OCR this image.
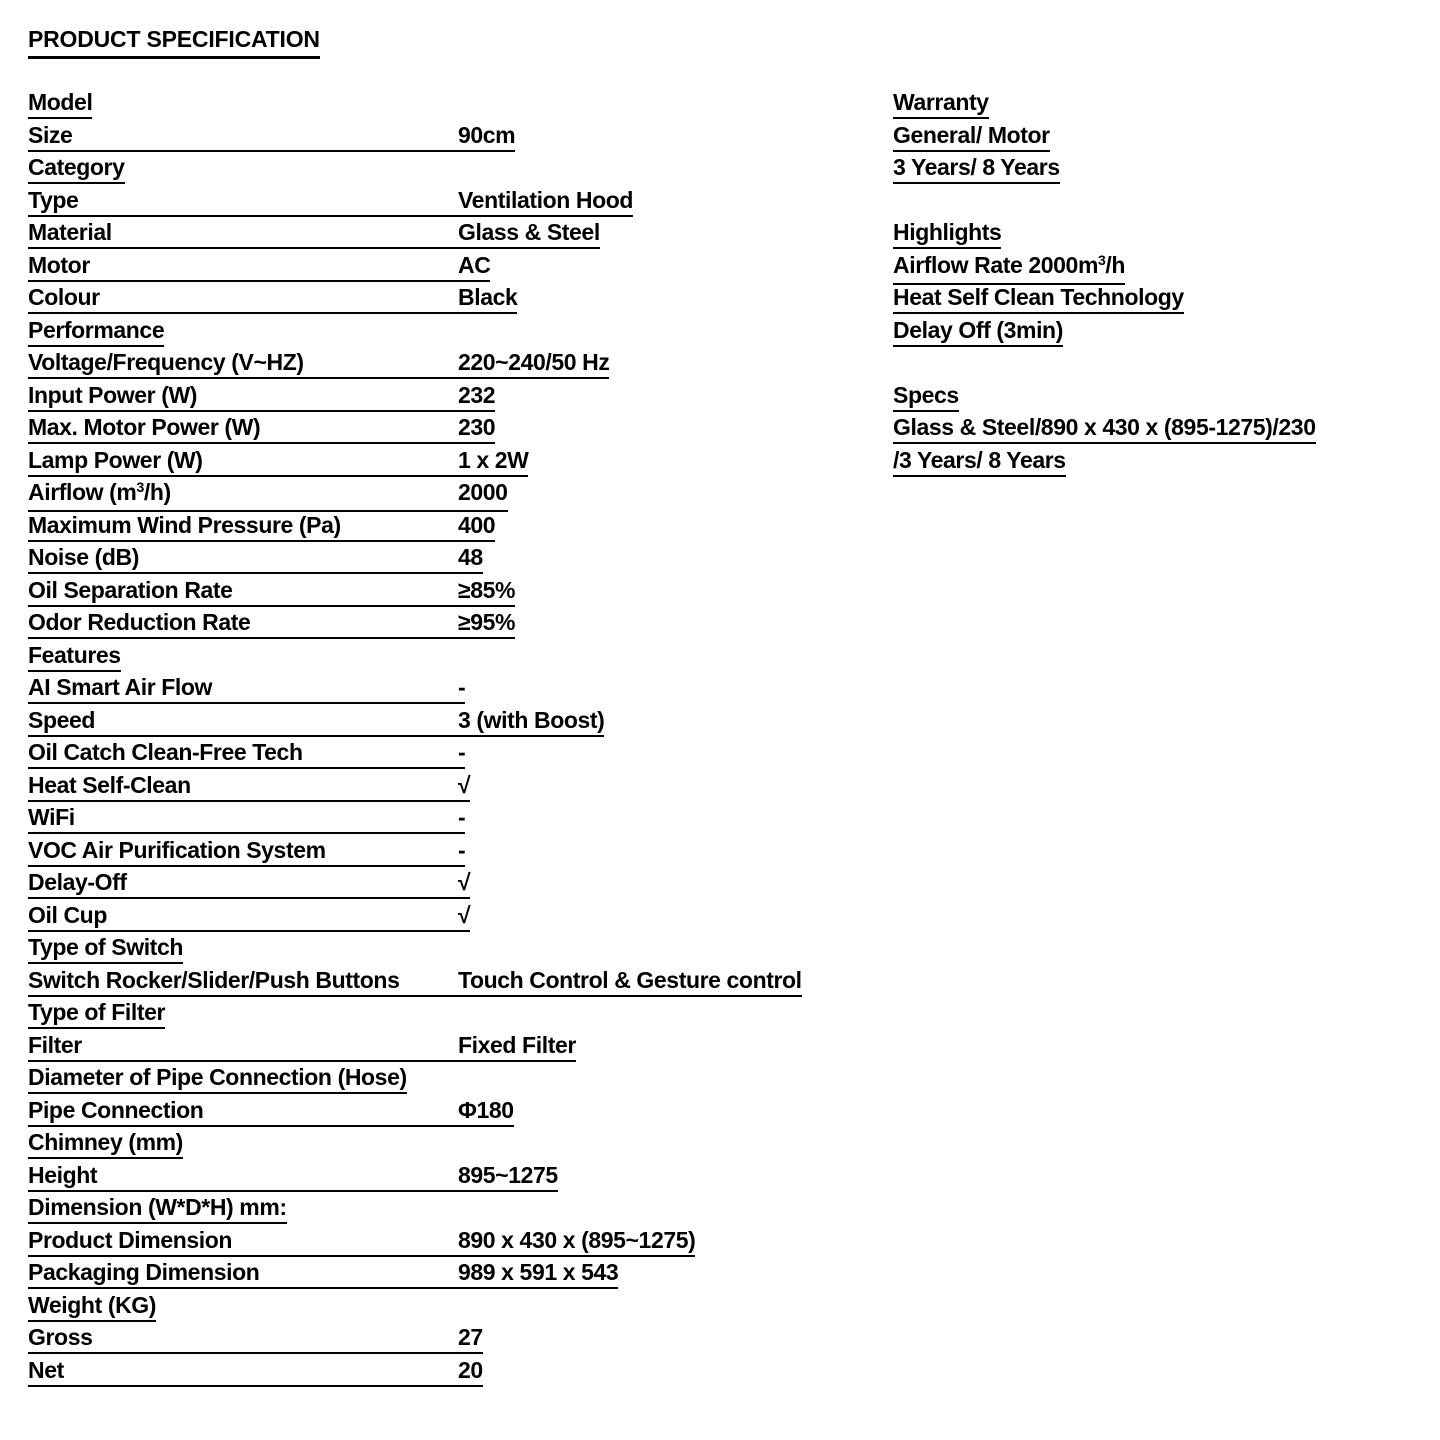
PRODUCT SPECIFICATION
Model
Size	90cm
Category
Type	Ventilation Hood
Material	Glass & Steel
Motor	AC
Colour	Black
Performance
Voltage/Frequency (V~HZ)	220~240/50 Hz
Input Power (W)	232
Max. Motor Power (W)	230
Lamp Power (W)	1 x 2W
Airflow $(m^3/h)$	2000
Maximum Wind Pressure (Pa)	400
Noise (dB)	48
Oil Separation Rate	≥85%
Odor Reduction Rate	≥95%
Features
AI Smart Air Flow	-
Speed	3 (with Boost)
Oil Catch Clean-Free Tech	-
Heat Self-Clean	√
WiFi	-
VOC Air Purification System	-
Delay-Off	√
Oil Cup	√
Type of Switch
Switch Rocker/Slider/Push Buttons	Touch Control & Gesture control
Type of Filter
Filter	Fixed Filter
Diameter of Pipe Connection (Hose)
Pipe Connection	Φ180
Chimney (mm)
Height	895~1275
Dimension (W*D*H) mm:
Product Dimension	890 x 430 x (895~1275)
Packaging Dimension	989 x 591 x 543
Weight (KG)
Gross	27
Net	20
Warranty
General/ Motor
3 Years/ 8 Years
Highlights
Airflow Rate $2000m^3/h$
Heat Self Clean Technology
Delay Off (3min)
Specs
Glass & Steel/890 x 430 x (895-1275)/230
/3 Years/ 8 Years
